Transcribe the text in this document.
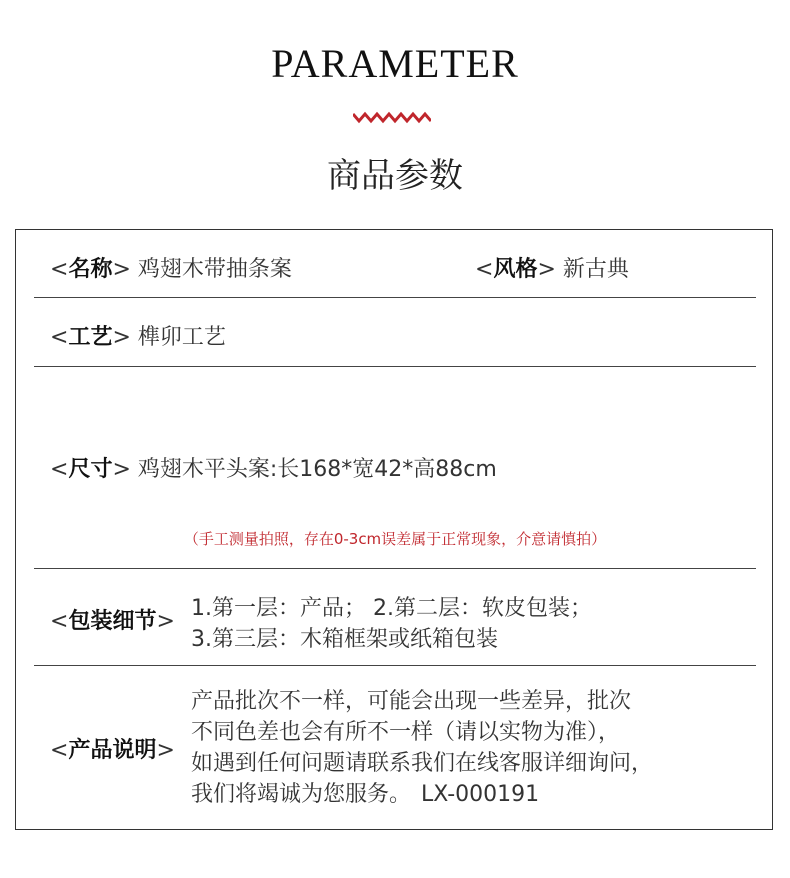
PARAMETER
商品参数
<名称> 鸡翅木带抽条案	<风格> 新古典
<工艺> 榫卯工艺
<尺寸> 鸡翅木平头案:长168*宽42*高88cm
（手工测量拍照，存在0-3cm误差属于正常现象，介意请慎拍）
<包装细节>
1.第一层：产品； 2.第二层：软皮包装；
3.第三层：木箱框架或纸箱包装
<产品说明>
产品批次不一样，可能会出现一些差异，批次
不同色差也会有所不一样（请以实物为准），
如遇到任何问题请联系我们在线客服详细询问，
我们将竭诚为您服务。 LX-000191
